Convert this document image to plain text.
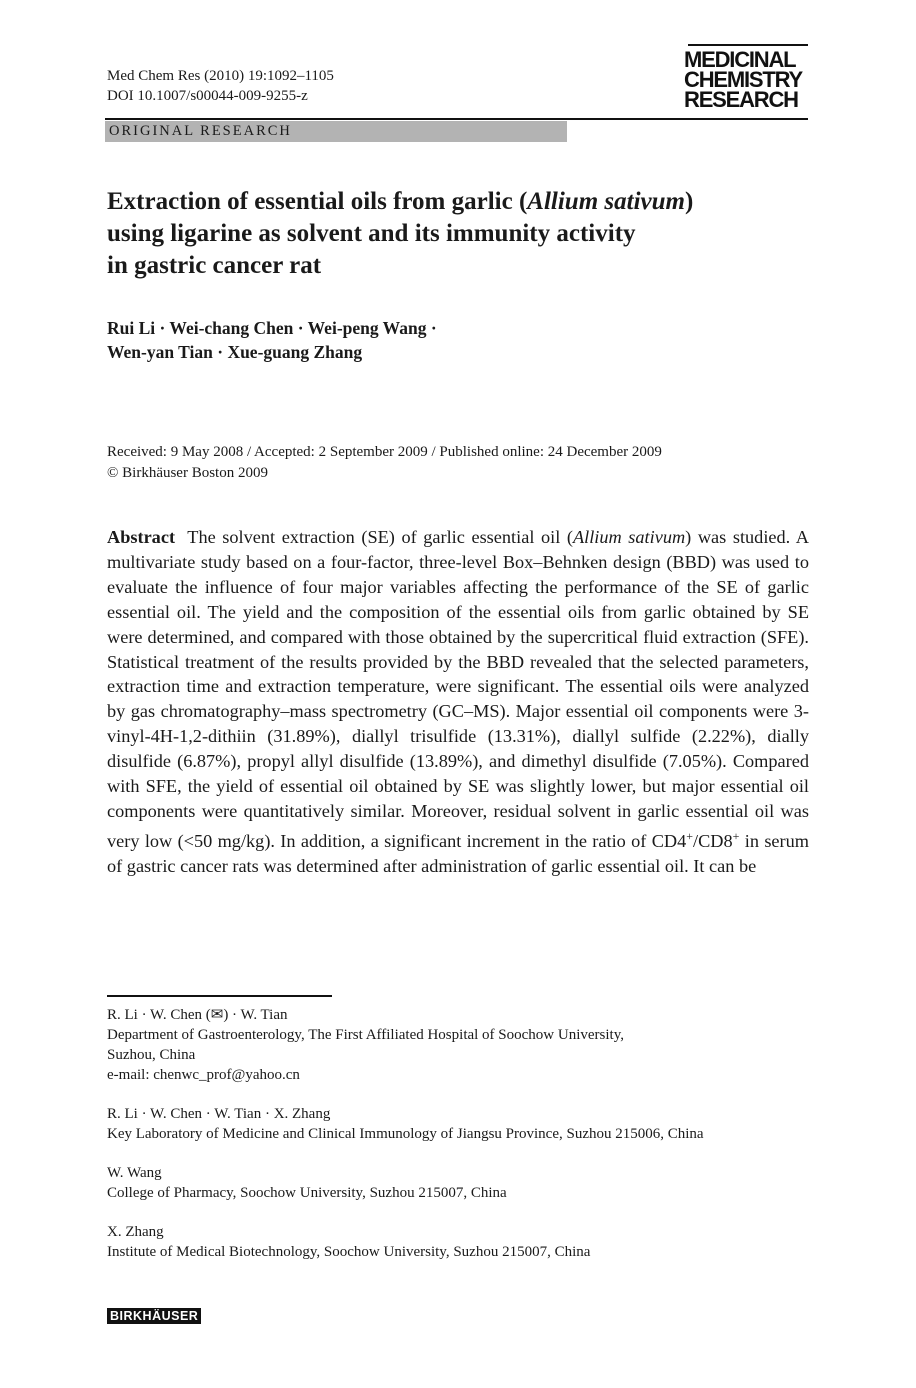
Med Chem Res (2010) 19:1092–1105
DOI 10.1007/s00044-009-9255-z
MEDICINAL
CHEMISTRY
RESEARCH
ORIGINAL RESEARCH
Extraction of essential oils from garlic (Allium sativum)
using ligarine as solvent and its immunity activity
in gastric cancer rat
Rui Li · Wei-chang Chen · Wei-peng Wang ·
Wen-yan Tian · Xue-guang Zhang
Received: 9 May 2008 / Accepted: 2 September 2009 / Published online: 24 December 2009
© Birkhäuser Boston 2009
Abstract The solvent extraction (SE) of garlic essential oil (Allium sativum) was studied. A multivariate study based on a four-factor, three-level Box–Behnken design (BBD) was used to evaluate the influence of four major variables affecting the performance of the SE of garlic essential oil. The yield and the composition of the essential oils from garlic obtained by SE were determined, and compared with those obtained by the supercritical fluid extraction (SFE). Statistical treatment of the results provided by the BBD revealed that the selected parameters, extraction time and extraction temperature, were significant. The essential oils were analyzed by gas chromatography–mass spectrometry (GC–MS). Major essential oil components were 3-vinyl-4H-1,2-dithiin (31.89%), diallyl trisulfide (13.31%), diallyl sulfide (2.22%), dially disulfide (6.87%), propyl allyl disulfide (13.89%), and dimethyl disulfide (7.05%). Compared with SFE, the yield of essential oil obtained by SE was slightly lower, but major essential oil components were quantitatively similar. Moreover, residual solvent in garlic essential oil was very low (<50 mg/kg). In addition, a significant increment in the ratio of CD4+/CD8+ in serum of gastric cancer rats was determined after administration of garlic essential oil. It can be
R. Li · W. Chen (✉) · W. Tian
Department of Gastroenterology, The First Affiliated Hospital of Soochow University,
Suzhou, China
e-mail: chenwc_prof@yahoo.cn
R. Li · W. Chen · W. Tian · X. Zhang
Key Laboratory of Medicine and Clinical Immunology of Jiangsu Province, Suzhou 215006, China
W. Wang
College of Pharmacy, Soochow University, Suzhou 215007, China
X. Zhang
Institute of Medical Biotechnology, Soochow University, Suzhou 215007, China
BIRKHÄUSER
